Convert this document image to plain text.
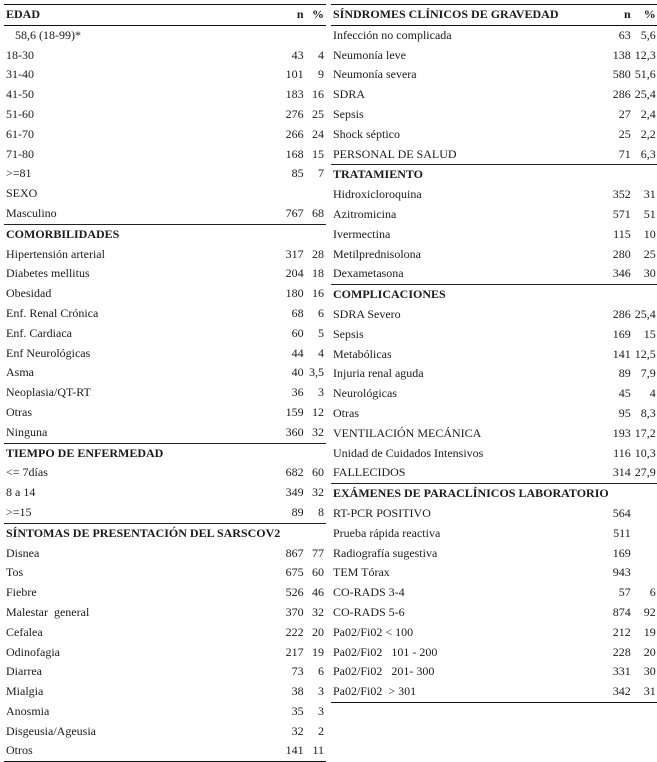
EDAD	n	%
58,6 (18-99)*		
18-30	43	4
31-40	101	9
41-50	183	16
51-60	276	25
61-70	266	24
71-80	168	15
>=81	85	7
SEXO		
Masculino	767	68
COMORBILIDADES		
Hipertensión arterial	317	28
Diabetes mellitus	204	18
Obesidad	180	16
Enf. Renal Crónica	68	6
Enf. Cardiaca	60	5
Enf Neurológicas	44	4
Asma	40	3,5
Neoplasia/QT-RT	36	3
Otras	159	12
Ninguna	360	32
TIEMPO DE ENFERMEDAD		
<= 7días	682	60
8 a 14	349	32
>=15	89	8
SÍNTOMAS DE PRESENTACIÓN DEL SARSCOV2		
Disnea	867	77
Tos	675	60
Fiebre	526	46
Malestar  general	370	32
Cefalea	222	20
Odinofagia	217	19
Diarrea	73	6
Mialgia	38	3
Anosmia	35	3
Disgeusia/Ageusia	32	2
Otros	141	11
SÍNDROMES CLÍNICOS DE GRAVEDAD	n	%
Infección no complicada	63	5,6
Neumonía leve	138	12,3
Neumonía severa	580	51,6
SDRA	286	25,4
Sepsis	27	2,4
Shock séptico	25	2,2
PERSONAL DE SALUD	71	6,3
TRATAMIENTO		
Hidroxicloroquina	352	31
Azitromicina	571	51
Ivermectina	115	10
Metilprednisolona	280	25
Dexametasona	346	30
COMPLICACIONES		
SDRA Severo	286	25,4
Sepsis	169	15
Metabólicas	141	12,5
Injuria renal aguda	89	7,9
Neurológicas	45	4
Otras	95	8,3
VENTILACIÓN MECÁNICA	193	17,2
Unidad de Cuidados Intensivos	116	10,3
FALLECIDOS	314	27,9
EXÁMENES DE PARACLÍNICOS LABORATORIO		
RT-PCR POSITIVO	564	
Prueba rápida reactiva	511	
Radiografía sugestiva	169	
TEM Tórax	943	
CO-RADS 3-4	57	6
CO-RADS 5-6	874	92
Pa02/Fi02 < 100	212	19
Pa02/Fi02   101 - 200	228	20
Pa02/Fi02   201- 300	331	30
Pa02/Fi02  > 301	342	31
